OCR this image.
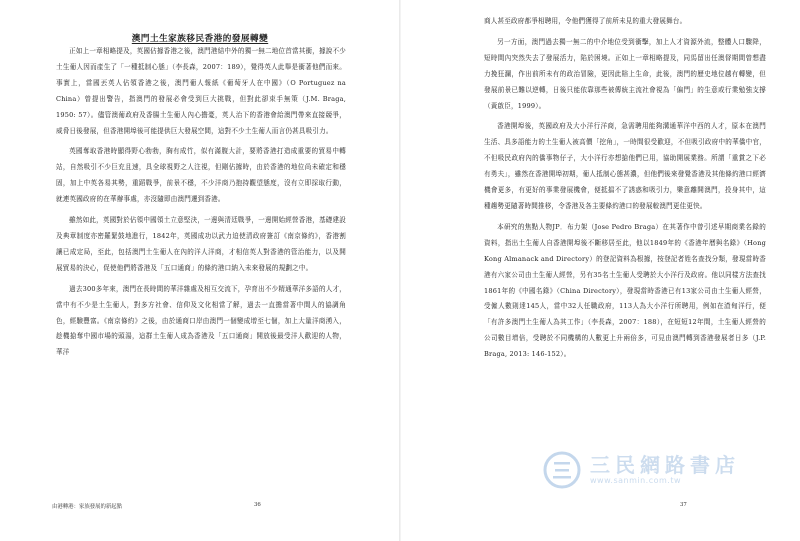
澳門土生家族移民香港的發展轉變

正如上一章相略提及，英國佔據香港之後，澳門港結中外的獨一無二地位首當其衝，據說不少土生葡人因而產生了「一種抵制心態」（李長森，2007：189），覺得英人此舉是衝著他們而來。事實上，當國丟英人佔領香港之後，澳門葡人報紙《葡萄牙人在中國》（O Portuguez na China）曾提出警告，指澳門的發展必會受到巨大挑戰，但對此卻束手無策（J.M. Braga, 1950: 57）。儘管澳葡政府及香腸土生葡人內心擔憂，英人治下的香港會給澳門帶來直接競爭，威脅日後發展，但香港開埠後可能提供巨大發展空間，這對不少土生葡人而言仍甚具吸引力。

英國奪取香港時顯得野心勃勃，胸有成竹，似有滿腹大計，要將香港打造成重要的貿易中轉站，自然吸引不少巨充且速，具全球視野之人注視，但剛佔據時，由於香港的地位尚未確定和穩固，加上中英各易其勢，重蹈戰爭，前景不穩，不少洋商乃抱持觀望態度，沒有立即採取行動，就連英國政府的在華辦事處，亦沒隨即由澳門遷到香港。

雖然如此，英國對於佔領中國領土立意堅決，一邊與清廷戰爭，一邊開始經營香港，基礎建設及典章制度亦密羅緊鼓地進行，1842年，英國成功以武力迫使清政府簽訂《南京條約》，香港割讓已成定局，至此，包括澳門土生葡人在內的洋人洋商，才相信英人對香港的管治能力，以及開展貿易的決心，促使他們將香港及「五口通商」的條約港口納入未來發展的規劃之中。

過去300多年來，澳門在長時間的華洋雜處及相互交流下，孕育出不少精通華洋多語的人才，當中有不少是土生葡人，對多方社會、信仰及文化相當了解，過去一直擔當著中間人的協調角色，經驗豐富。《南京條約》之後，由於通商口岸由澳門一個變成增至七個，加上大量洋商湧入，趁機搶奪中國市場的頭湯，這群土生葡人成為香港及「五口通商」開放後最受洋人歡迎的人物，華洋

由港轉港：家族發展的新起點	36

商人甚至政府都爭相聘用，令他們獲得了前所未見的重大發展舞台。

另一方面，澳門過去獨一無二的中介地位受到衝擊，加上人才資源外流，整體人口驟降，短時間內突然失去了發展活力，陷於困境。正如上一章相略提及，同馬留出任澳督期間曾想盡力挽狂瀾，作出前所未有的政治冒險，更因此賠上生命，此後，澳門的歷史地位越有轉變，但發展前景已難以逆轉，日後只能依靠那些被傳統主流社會視為「偏門」的生意或行業勉強支撐（黃啟臣，1999）。

香港開埠後，英國政府及大小洋行洋商，急需聘用能夠溝通華洋中西的人才，原本在澳門生活、具多語能力的土生葡人被高價「挖角」，一時間很受歡迎，不但吸引政府中的華僑中官，不但吸民政府內的僑事物仔子，大小洋行亦想搶他們已用，協助開展業務。所謂「重賞之下必有勇夫」，雖然在香港開埠初期，葡人抵制心態甚濃，但他們後來發覺香港及其他條約港口經濟機會更多，有更好的事業發展機會，便抵擋不了誘惑和吸引力，樂意離開澳門，投身其中，這種趨勢更隨著時間推移，令香港及各主要條約港口的發展較澳門更佳更快。

本研究的焦點人物JP．布力架（Jose Pedro Braga）在其著作中曾引述早期商業名錄的資料，指出土生葡人自香港開埠後不斷移居至此，他以1849年的《香港年曆與名錄》（Hong Kong Almanack and Directory）的登記資料為根據，按登記者姓名查找分類，發現當時香港有六家公司由土生葡人經營，另有35名土生葡人受聘於大小洋行及政府。他以同樣方法查找1861年的《中國名錄》（China Directory），發現當時香港已有13家公司由土生葡人經營，受僱人數則達145人，當中32人任職政府，113人為大小洋行所聘用，例如在渣甸洋行，便「有許多澳門土生葡人為其工作」（李長森，2007：188），在短短12年間，土生葡人經營的公司數目增倍，受聘於不同機構的人數更上升兩倍多，可見由澳門轉到香港發展者日多（J.P. Braga, 2013: 146-152）。

37
三民網路書店
www.sanmin.com.tw
